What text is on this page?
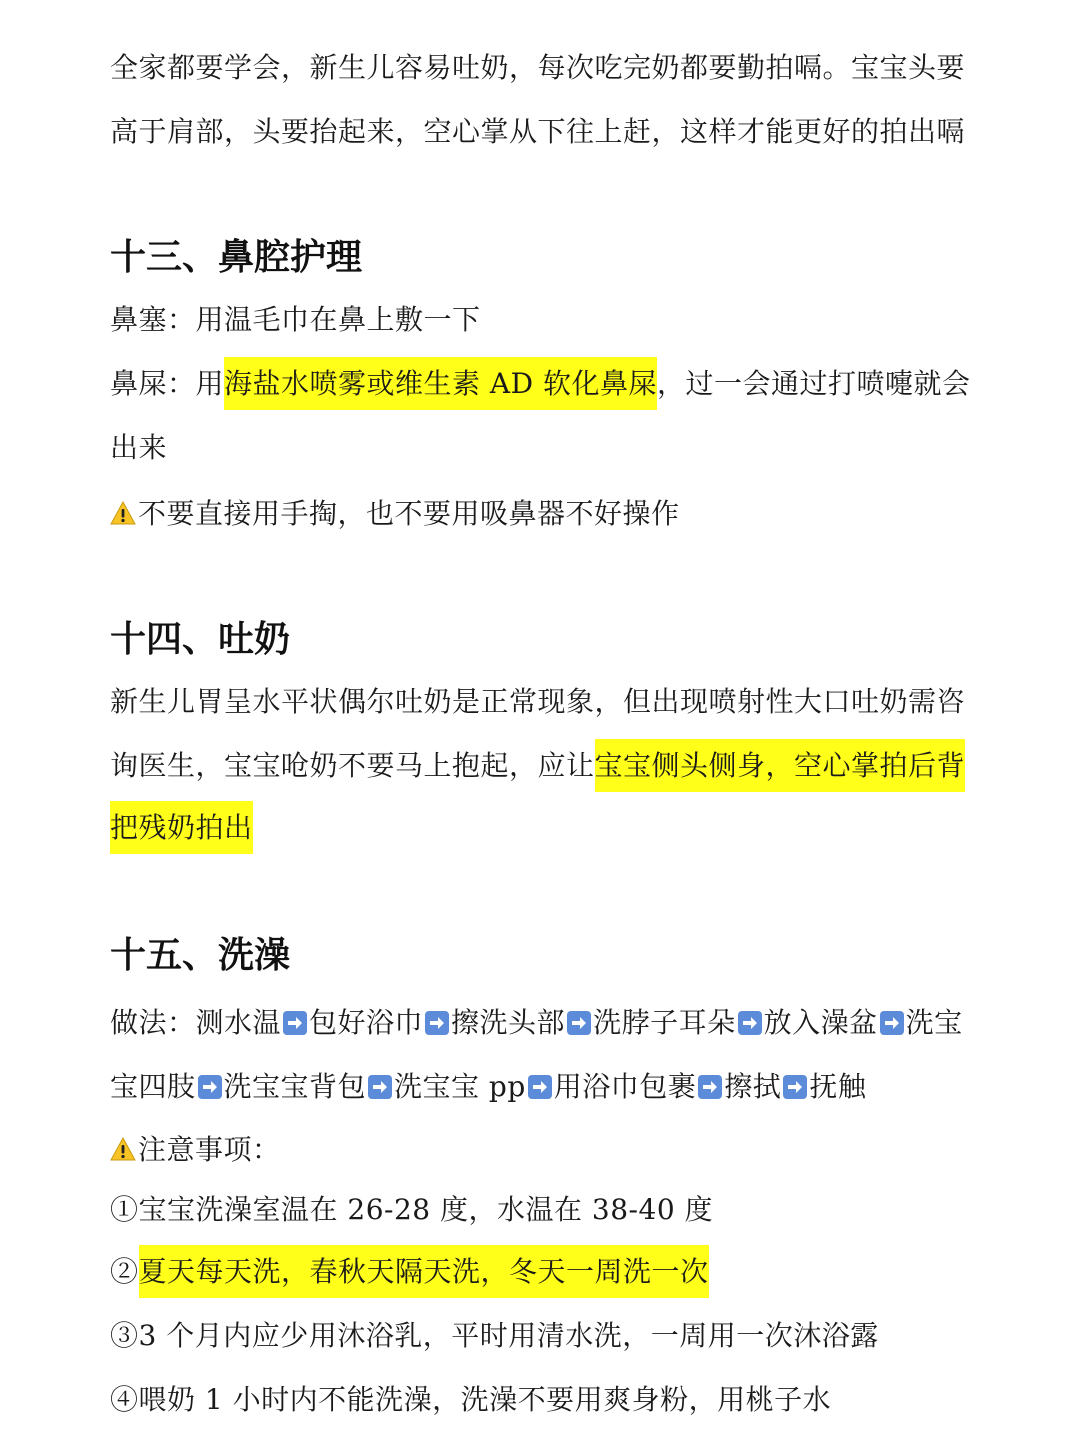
全家都要学会，新生儿容易吐奶，每次吃完奶都要勤拍嗝。宝宝头要
高于肩部，头要抬起来，空心掌从下往上赶，这样才能更好的拍出嗝
十三、鼻腔护理
鼻塞：用温毛巾在鼻上敷一下
鼻屎：用海盐水喷雾或维生素 AD 软化鼻屎，过一会通过打喷嚏就会
出来
不要直接用手掏，也不要用吸鼻器不好操作
十四、吐奶
新生儿胃呈水平状偶尔吐奶是正常现象，但出现喷射性大口吐奶需咨
询医生，宝宝呛奶不要马上抱起，应让宝宝侧头侧身，空心掌拍后背
把残奶拍出
十五、洗澡
做法：测水温 包好浴巾 擦洗头部 洗脖子耳朵 放入澡盆 洗宝
宝四肢 洗宝宝背包 洗宝宝 pp 用浴巾包裹 擦拭 抚触
注意事项：
①宝宝洗澡室温在 26-28 度，水温在 38-40 度
②夏天每天洗，春秋天隔天洗，冬天一周洗一次
③3 个月内应少用沐浴乳，平时用清水洗，一周用一次沐浴露
④喂奶 1 小时内不能洗澡，洗澡不要用爽身粉，用桃子水
